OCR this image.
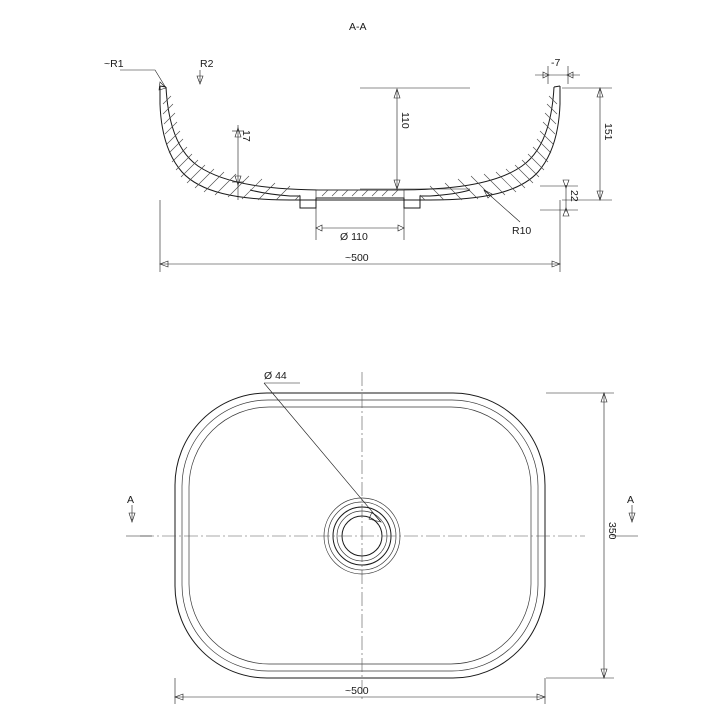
~R1	R2	-7
17
110
151
22
Ø 110	R10
~500
A-A
A	A
Ø 44
350
~500
